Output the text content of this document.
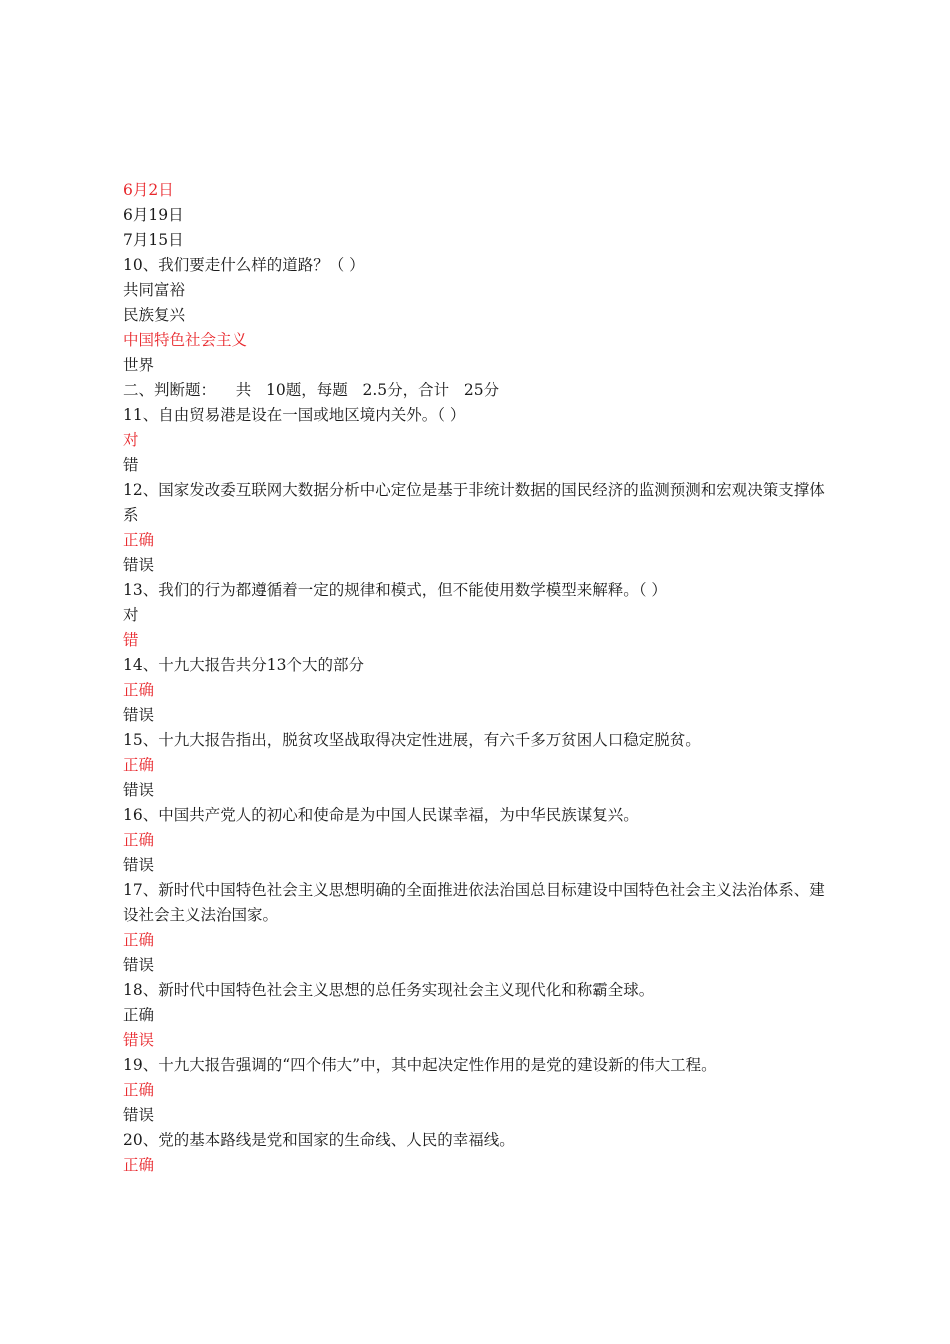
6月2日
6月19日
7月15日
10、我们要走什么样的道路？（ ）
共同富裕
民族复兴
中国特色社会主义
世界
二、判断题：    共   10题，每题   2.5分，合计   25分
11、自由贸易港是设在一国或地区境内关外。（ ）
对
错
12、国家发改委互联网大数据分析中心定位是基于非统计数据的国民经济的监测预测和宏观决策支撑体系
正确
错误
13、我们的行为都遵循着一定的规律和模式，但不能使用数学模型来解释。（ ）
对
错
14、十九大报告共分13个大的部分
正确
错误
15、十九大报告指出，脱贫攻坚战取得决定性进展，有六千多万贫困人口稳定脱贫。
正确
错误
16、中国共产党人的初心和使命是为中国人民谋幸福，为中华民族谋复兴。
正确
错误
17、新时代中国特色社会主义思想明确的全面推进依法治国总目标建设中国特色社会主义法治体系、建设社会主义法治国家。
正确
错误
18、新时代中国特色社会主义思想的总任务实现社会主义现代化和称霸全球。
正确
错误
19、十九大报告强调的“四个伟大”中，其中起决定性作用的是党的建设新的伟大工程。
正确
错误
20、党的基本路线是党和国家的生命线、人民的幸福线。
正确
